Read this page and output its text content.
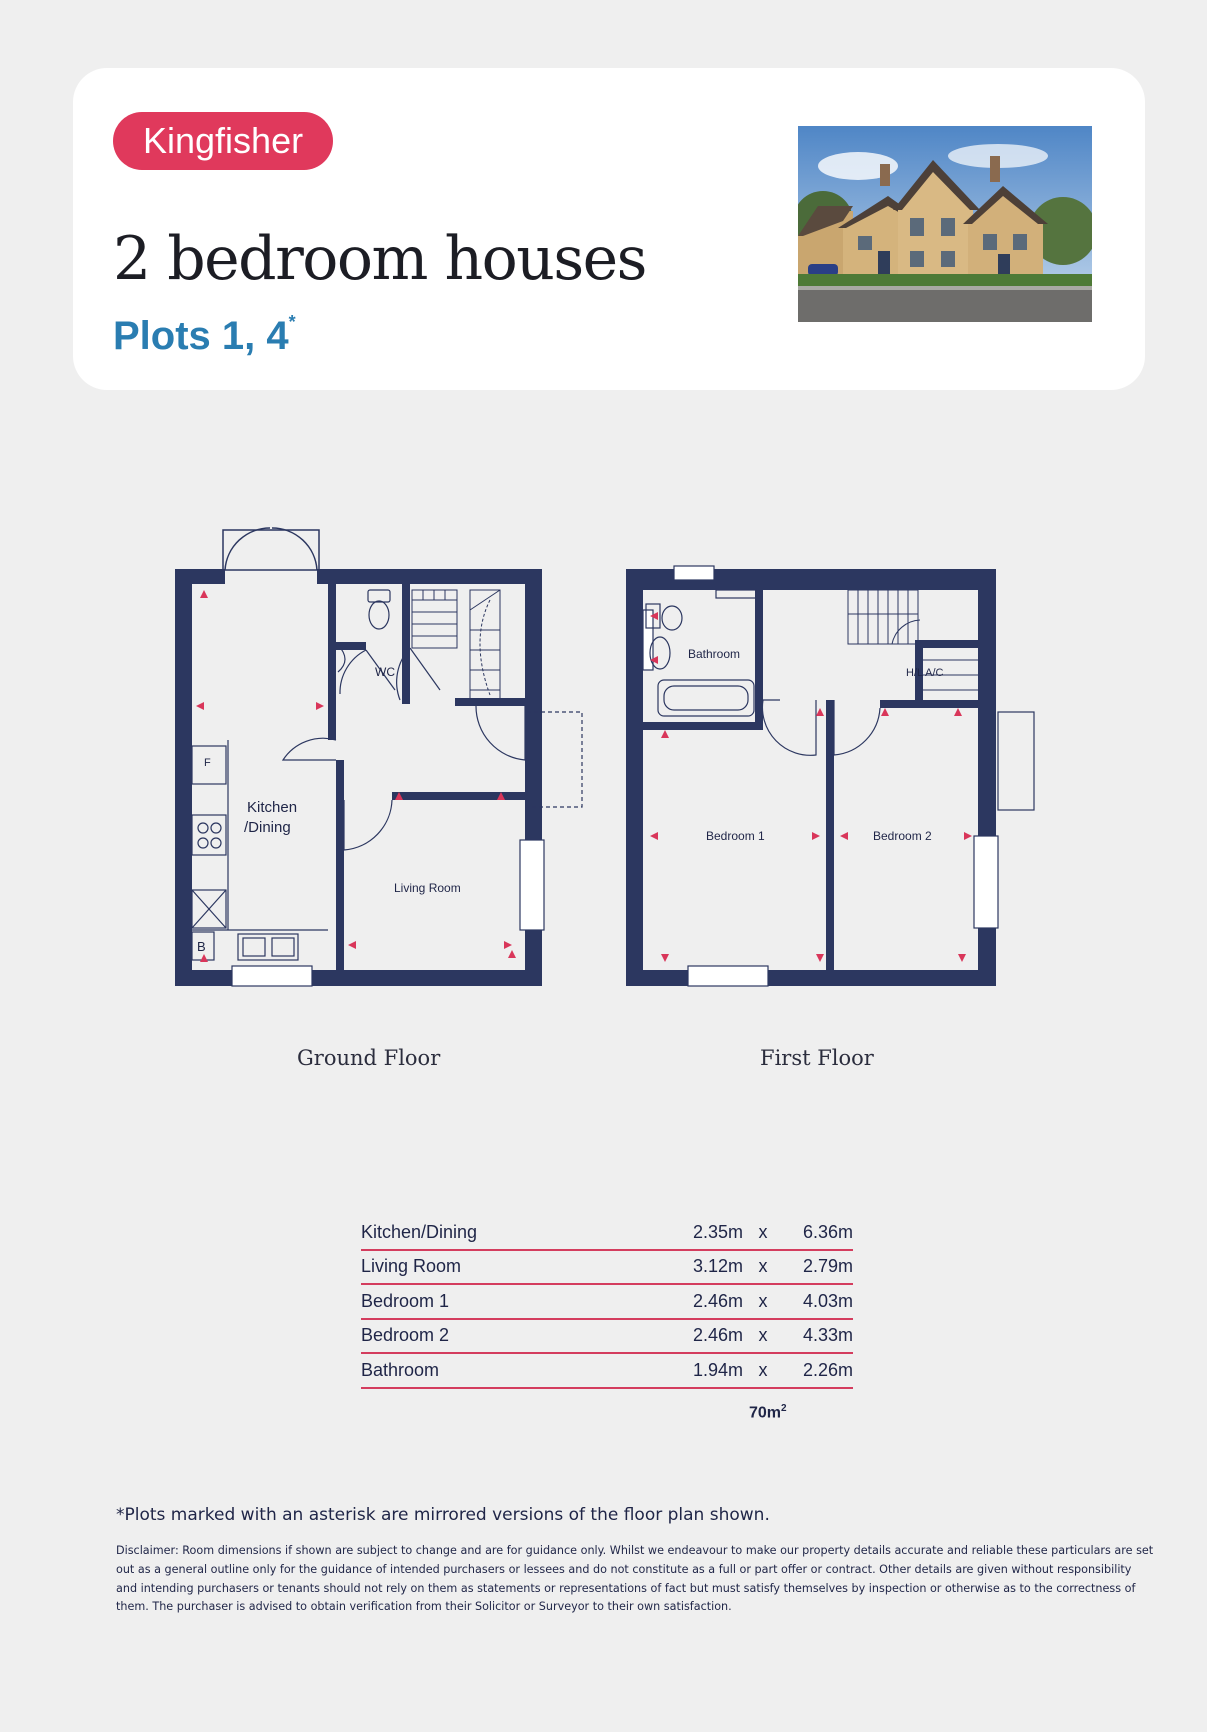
Kingfisher
2 bedroom houses
Plots 1, 4*
WC
Kitchen
/Dining
Living Room
F
B
Bathroom
H/L A/C
Bedroom 1	Bedroom 2
Ground Floor	First Floor
Kitchen/Dining	2.35m x	6.36m
Living Room	3.12m x	2.79m
Bedroom 1	2.46m x	4.03m
Bedroom 2	2.46m x	4.33m
Bathroom	1.94m x	2.26m
$70m^2$
*Plots marked with an asterisk are mirrored versions of the floor plan shown.
Disclaimer: Room dimensions if shown are subject to change and are for guidance only. Whilst we endeavour to make our property details accurate and reliable these particulars are set out as a general outline only for the guidance of intended purchasers or lessees and do not constitute as a full or part offer or contract. Other details are given without responsibility and intending purchasers or tenants should not rely on them as statements or representations of fact but must satisfy themselves by inspection or otherwise as to the correctness of them. The purchaser is advised to obtain verification from their Solicitor or Surveyor to their own satisfaction.
